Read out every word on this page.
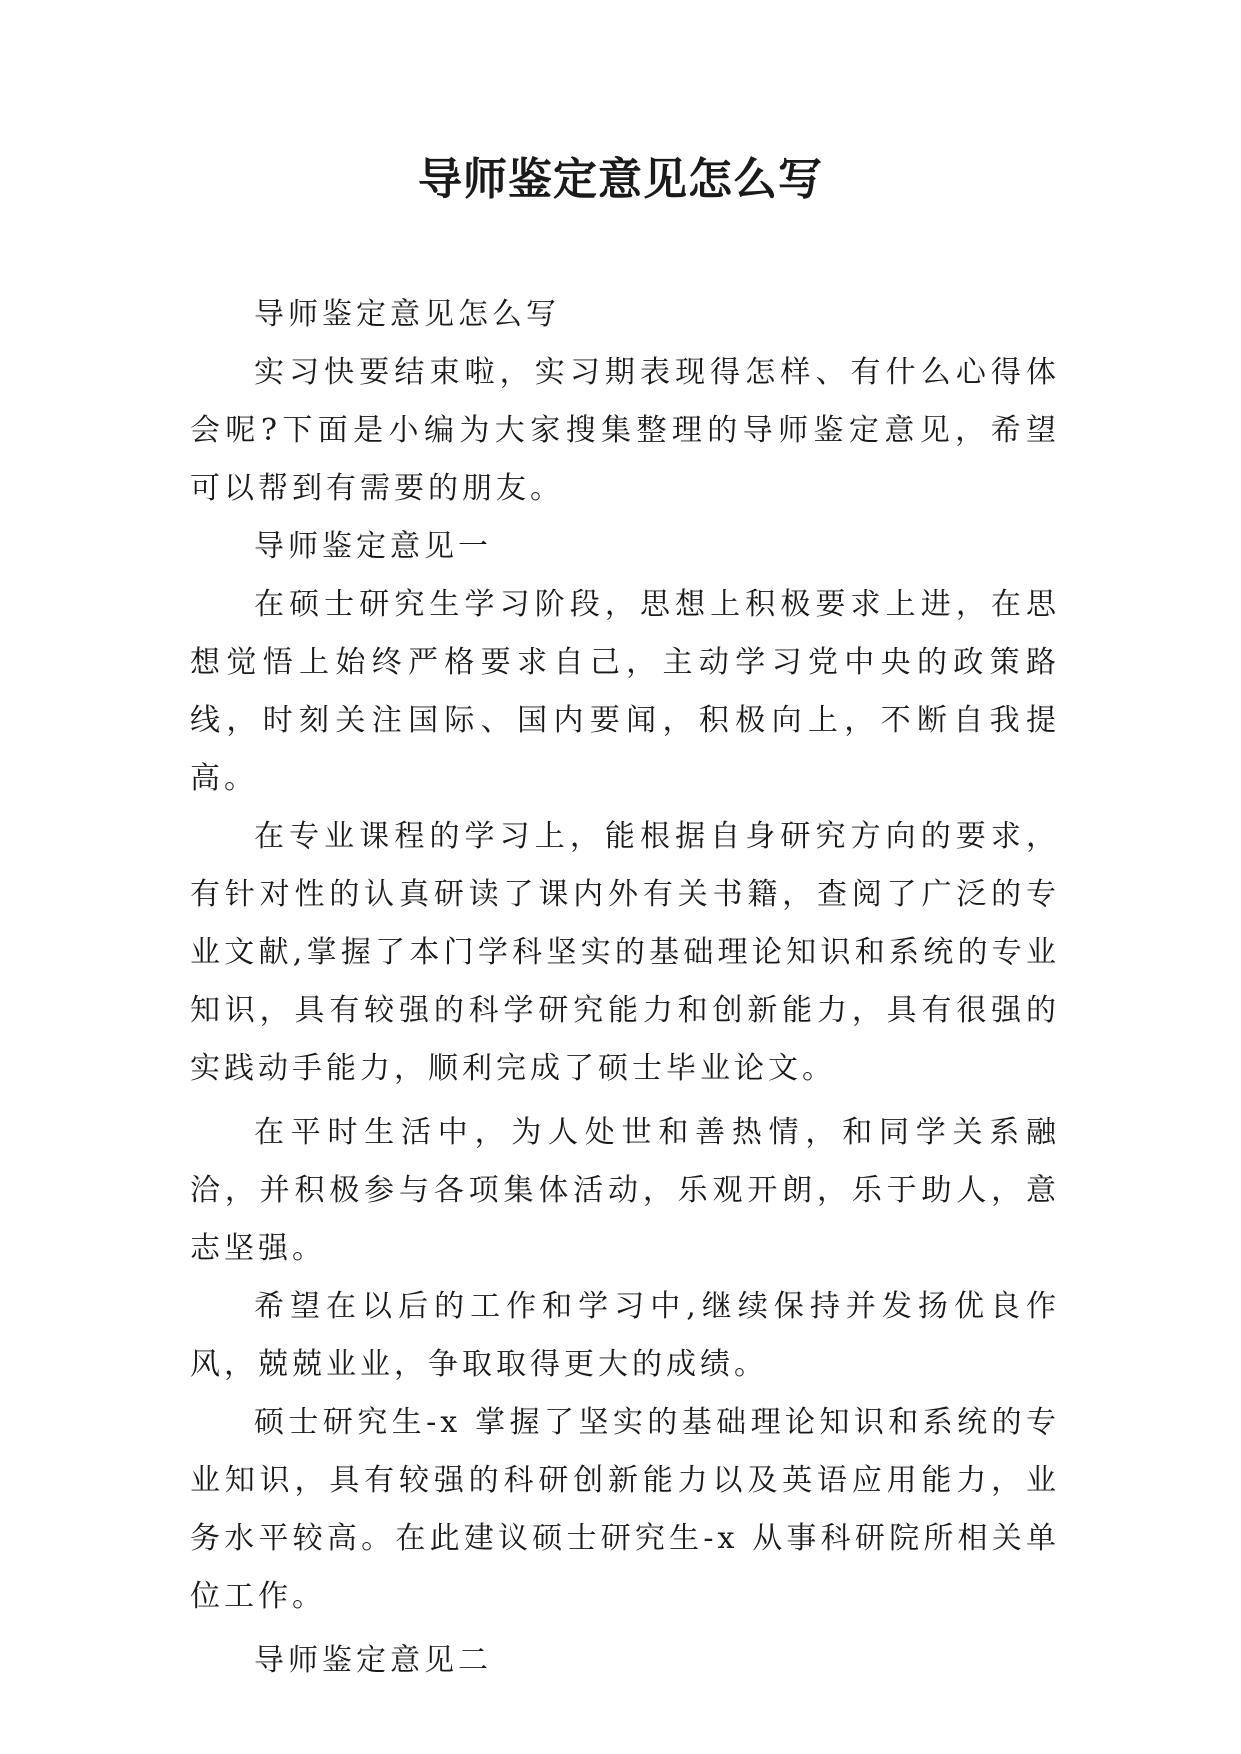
导师鉴定意见怎么写

导师鉴定意见怎么写

实习快要结束啦，实习期表现得怎样、有什么心得体会呢?下面是小编为大家搜集整理的导师鉴定意见，希望可以帮到有需要的朋友。

导师鉴定意见一

在硕士研究生学习阶段，思想上积极要求上进，在思想觉悟上始终严格要求自己，主动学习党中央的政策路线，时刻关注国际、国内要闻，积极向上，不断自我提高。

在专业课程的学习上，能根据自身研究方向的要求，有针对性的认真研读了课内外有关书籍，查阅了广泛的专业文献,掌握了本门学科坚实的基础理论知识和系统的专业知识，具有较强的科学研究能力和创新能力，具有很强的实践动手能力，顺利完成了硕士毕业论文。

在平时生活中，为人处世和善热情，和同学关系融洽，并积极参与各项集体活动，乐观开朗，乐于助人，意志坚强。

希望在以后的工作和学习中,继续保持并发扬优良作风，兢兢业业，争取取得更大的成绩。

硕士研究生-x 掌握了坚实的基础理论知识和系统的专业知识，具有较强的科研创新能力以及英语应用能力，业务水平较高。在此建议硕士研究生-x 从事科研院所相关单位工作。

导师鉴定意见二
